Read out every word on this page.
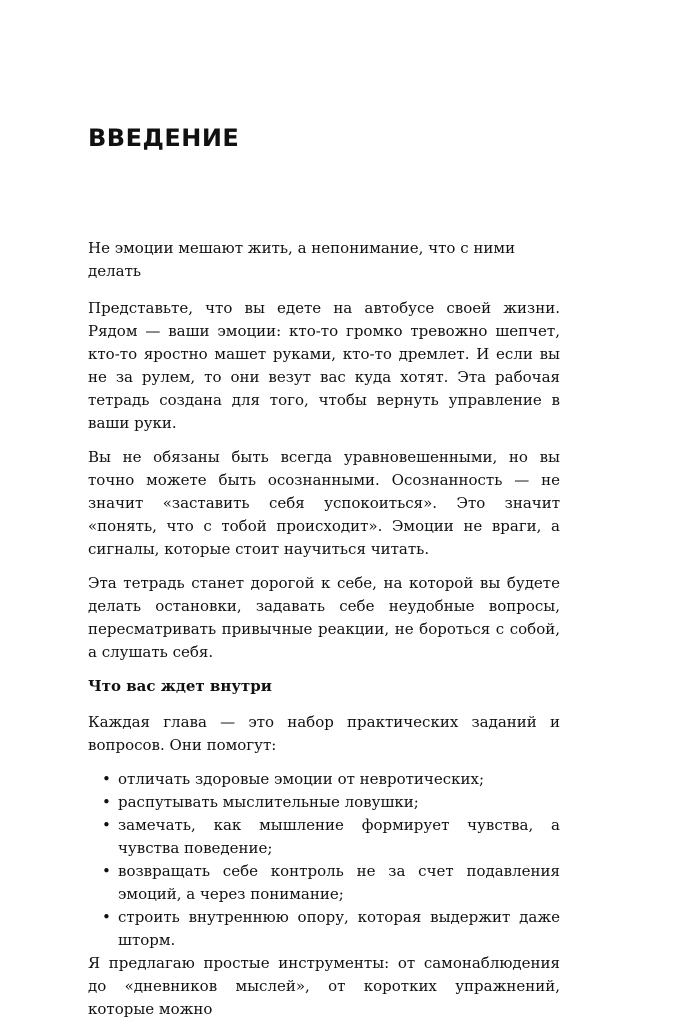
ВВЕДЕНИЕ

Не эмоции мешают жить, а непонимание, что с ними делать

Представьте, что вы едете на автобусе своей жизни. Рядом — ваши эмоции: кто-то громко тревожно шепчет, кто-то яростно машет руками, кто-то дремлет. И если вы не за рулем, то они везут вас куда хотят. Эта рабочая тетрадь создана для того, чтобы вернуть управление в ваши руки.

Вы не обязаны быть всегда уравновешенными, но вы точно можете быть осознанными. Осознанность — не значит «заставить себя успокоиться». Это значит «понять, что с тобой происходит». Эмоции не враги, а сигналы, которые стоит научиться читать.

Эта тетрадь станет дорогой к себе, на которой вы будете делать остановки, задавать себе неудобные вопросы, пересматривать привычные реакции, не бороться с собой, а слушать себя.

Что вас ждет внутри

Каждая глава — это набор практических заданий и вопросов. Они помогут:

• отличать здоровые эмоции от невротических;
• распутывать мыслительные ловушки;
• замечать, как мышление формирует чувства, а чувства поведение;
• возвращать себе контроль не за счет подавления эмоций, а через понимание;
• строить внутреннюю опору, которая выдержит даже шторм.

Я предлагаю простые инструменты: от самонаблюдения до «дневников мыслей», от коротких упражнений, которые можно
